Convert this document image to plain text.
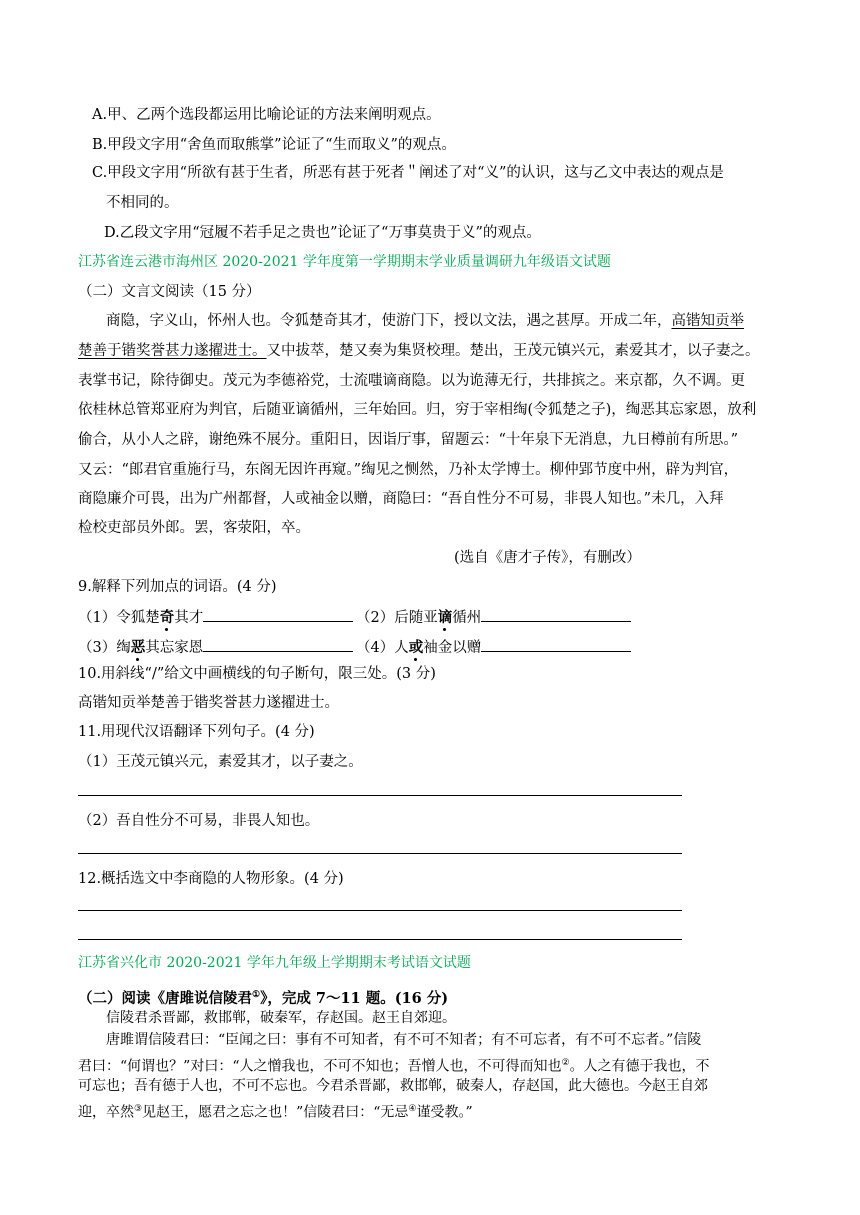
A.甲、乙两个选段都运用比喻论证的方法来阐明观点。
B.甲段文字用“舍鱼而取熊掌”论证了“生而取义”的观点。
C.甲段文字用“所欲有甚于生者，所恶有甚于死者＂阐述了对“义”的认识，这与乙文中表达的观点是
不相同的。
D.乙段文字用“冠履不若手足之贵也”论证了“万事莫贵于义”的观点。
江苏省连云港市海州区 2020-2021 学年度第一学期期末学业质量调研九年级语文试题
（二）文言文阅读（15 分）
商隐，字义山，怀州人也。令狐楚奇其才，使游门下，授以文法，遇之甚厚。开成二年，高锴知贡举
楚善于锴奖誉甚力遂擢进士。又中拔萃，楚又奏为集贤校理。楚出，王茂元镇兴元，素爱其才，以子妻之。
表掌书记，除待御史。茂元为李德裕党，士流嗤谪商隐。以为诡薄无行，共排摈之。来京都，久不调。更
依桂林总管郑亚府为判官，后随亚谪循州，三年始回。归，穷于宰相绹(令狐楚之子)，绹恶其忘家恩，放利
偷合，从小人之辟，谢绝殊不展分。重阳日，因诣厅事，留题云：“十年泉下无消息，九日樽前有所思。”
又云：“郎君官重施行马，东阁无因许再窥。”绹见之恻然，乃补太学博士。柳仲郢节度中州，辟为判官，
商隐廉介可畏，出为广州都督，人或袖金以赠，商隐曰：“吾自性分不可易，非畏人知也。”未几，入拜
检校吏部员外郎。罢，客荥阳，卒。
(选自《唐才子传》，有删改）
9.解释下列加点的词语。(4 分)
（1）令狐楚奇其才	（2）后随亚谪循州
（3）绹恶其忘家恩	（4）人或袖金以赠
10.用斜线“/”给文中画横线的句子断句，限三处。(3 分)
高锴知贡举楚善于锴奖誉甚力遂擢进士。
11.用现代汉语翻译下列句子。(4 分)
（1）王茂元镇兴元，素爱其才，以子妻之。
（2）吾自性分不可易，非畏人知也。
12.概括选文中李商隐的人物形象。(4 分)
江苏省兴化市 2020-2021 学年九年级上学期期末考试语文试题
（二）阅读《唐雎说信陵君①》，完成 7～11 题。(16 分)
信陵君杀晋鄙，救邯郸，破秦军，存赵国。赵王自郊迎。
唐雎谓信陵君曰：“臣闻之曰：事有不可知者，有不可不知者；有不可忘者，有不可不忘者。”信陵
君曰：“何谓也？”对曰：“人之憎我也，不可不知也；吾憎人也，不可得而知也②。人之有德于我也，不
可忘也；吾有德于人也，不可不忘也。今君杀晋鄙，救邯郸，破秦人，存赵国，此大德也。今赵王自郊
迎，卒然③见赵王，愿君之忘之也！”信陵君曰：“无忌④谨受教。”
